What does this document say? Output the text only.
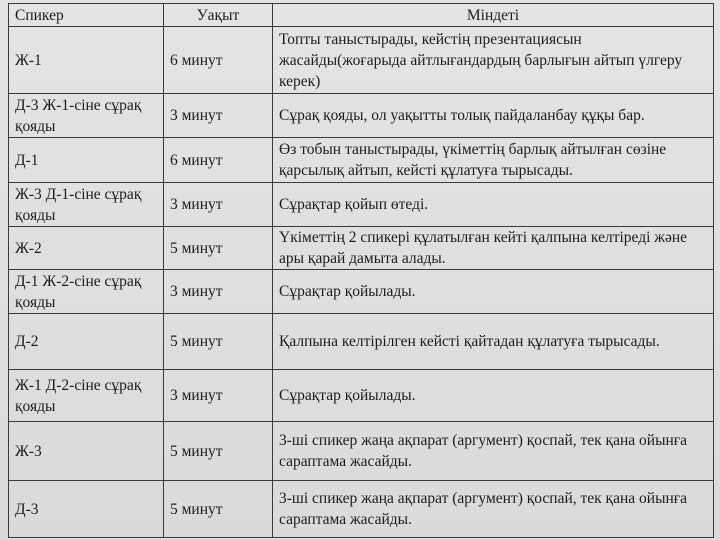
Спикер	Уақыт	Міндеті
Ж-1	6 минут	Топты таныстырады, кейстің презентациясын жасайды(жоғарыда айтлығандардың барлығын айтып үлгеру керек)
Д-3 Ж-1-сіне сұрақ қояды	3 минут	Сұрақ қояды, ол уақытты толық пайдаланбау құқы бар.
Д-1	6 минут	Өз тобын таныстырады, үкіметтің барлық айтылған сөзіне қарсылық айтып, кейсті құлатуға тырысады.
Ж-3 Д-1-сіне сұрақ қояды	3 минут	Сұрақтар қойып өтеді.
Ж-2	5 минут	Үкіметтің 2 спикері құлатылған кейті қалпына келтіреді және ары қарай дамыта алады.
Д-1 Ж-2-сіне сұрақ қояды	3 минут	Сұрақтар қойылады.
Д-2	5 минут	Қалпына келтірілген кейсті қайтадан құлатуға тырысады.
Ж-1 Д-2-сіне сұрақ қояды	3 минут	Сұрақтар қойылады.
Ж-3	5 минут	3-ші спикер жаңа ақпарат (аргумент) қоспай, тек қана ойынға сараптама жасайды.
Д-3	5 минут	3-ші спикер жаңа ақпарат (аргумент) қоспай, тек қана ойынға сараптама жасайды.
